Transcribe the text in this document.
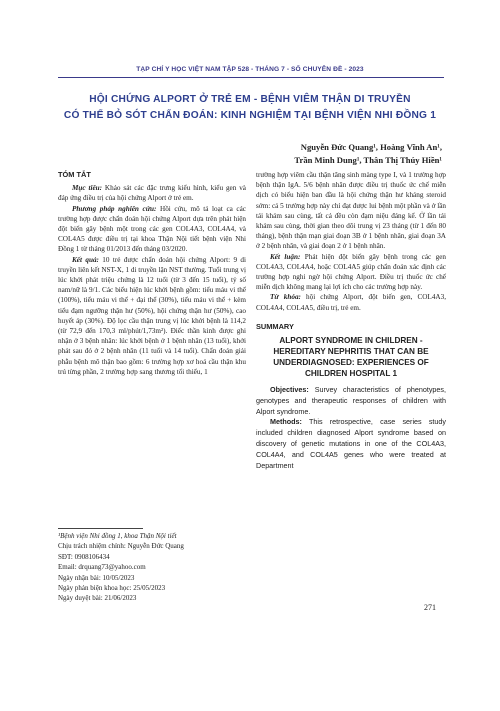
TẠP CHÍ Y HỌC VIỆT NAM TẬP 528 - THÁNG 7 - SỐ CHUYÊN ĐỀ - 2023
HỘI CHỨNG ALPORT Ở TRẺ EM - BỆNH VIÊM THẬN DI TRUYỀN
CÓ THỂ BỎ SÓT CHẨN ĐOÁN: KINH NGHIỆM TẠI BỆNH VIỆN NHI ĐỒNG 1
Nguyễn Đức Quang¹, Hoàng Vĩnh An¹,
Trần Minh Dung¹, Thân Thị Thúy Hiền¹
TÓM TẮT

Mục tiêu: Khảo sát các đặc trưng kiểu hình, kiểu gen và đáp ứng điều trị của hội chứng Alport ở trẻ em.

Phương pháp nghiên cứu: Hồi cứu, mô tả loạt ca các trường hợp được chẩn đoán hội chứng Alport dựa trên phát hiện đột biến gây bệnh một trong các gen COL4A3, COL4A4, và COL4A5 được điều trị tại khoa Thận Nội tiết bệnh viện Nhi Đồng 1 từ tháng 01/2013 đến tháng 03/2020.

Kết quả: 10 trẻ được chẩn đoán hội chứng Alport: 9 di truyền liên kết NST-X, 1 di truyền lặn NST thường. Tuổi trung vị lúc khởi phát triệu chứng là 12 tuổi (từ 3 đến 15 tuổi), tỷ số nam/nữ là 9/1. Các biểu hiện lúc khởi bệnh gồm: tiểu máu vi thể (100%), tiểu máu vi thể + đại thể (30%), tiểu máu vi thể + kèm tiểu đạm ngưỡng thận hư (50%), hội chứng thận hư (50%), cao huyết áp (30%). Độ lọc cầu thận trung vị lúc khởi bệnh là 114,2 (từ 72,9 đến 170,3 ml/phút/1,73m²). Điếc thần kinh được ghi nhận ở 3 bệnh nhân: lúc khởi bệnh ở 1 bệnh nhân (13 tuổi), khởi phát sau đó ở 2 bệnh nhân (11 tuổi và 14 tuổi). Chẩn đoán giải phẫu bệnh mô thận bao gồm: 6 trường hợp xơ hoá cầu thận khu trú từng phần, 2 trường hợp sang thương tối thiểu, 1

¹Bệnh viện Nhi đồng 1, khoa Thận Nội tiết
Chịu trách nhiệm chính: Nguyễn Đức Quang
SĐT: 0908106434
Email: drquang73@yahoo.com
Ngày nhận bài: 10/05/2023
Ngày phản biện khoa học: 25/05/2023
Ngày duyệt bài: 21/06/2023

trường hợp viêm cầu thận tăng sinh màng type I, và 1 trường hợp bệnh thận IgA. 5/6 bệnh nhân được điều trị thuốc ức chế miễn dịch có biểu hiện ban đầu là hội chứng thận hư kháng steroid sớm: cả 5 trường hợp này chỉ đạt được lui bệnh một phần và ở lần tái khám sau cùng, tất cả đều còn đạm niệu đáng kể. Ở lần tái khám sau cùng, thời gian theo dõi trung vị 23 tháng (từ 1 đến 80 tháng), bệnh thận mạn giai đoạn 3B ở 1 bệnh nhân, giai đoạn 3A ở 2 bệnh nhân, và giai đoạn 2 ở 1 bệnh nhân.

Kết luận: Phát hiện đột biến gây bệnh trong các gen COL4A3, COL4A4, hoặc COL4A5 giúp chẩn đoán xác định các trường hợp nghi ngờ hội chứng Alport. Điều trị thuốc ức chế miễn dịch không mang lại lợi ích cho các trường hợp này.

Từ khóa: hội chứng Alport, đột biến gen, COL4A3, COL4A4, COL4A5, điều trị, trẻ em.

SUMMARY
ALPORT SYNDROME IN CHILDREN - HEREDITARY NEPHRITIS THAT CAN BE UNDERDIAGNOSED: EXPERIENCES OF CHILDREN HOSPITAL 1

Objectives: Survey characteristics of phenotypes, genotypes and therapeutic responses of children with Alport syndrome.

Methods: This retrospective, case series study included children diagnosed Alport syndrome based on discovery of genetic mutations in one of the COL4A3, COL4A4, and COL4A5 genes who were treated at Department

271
